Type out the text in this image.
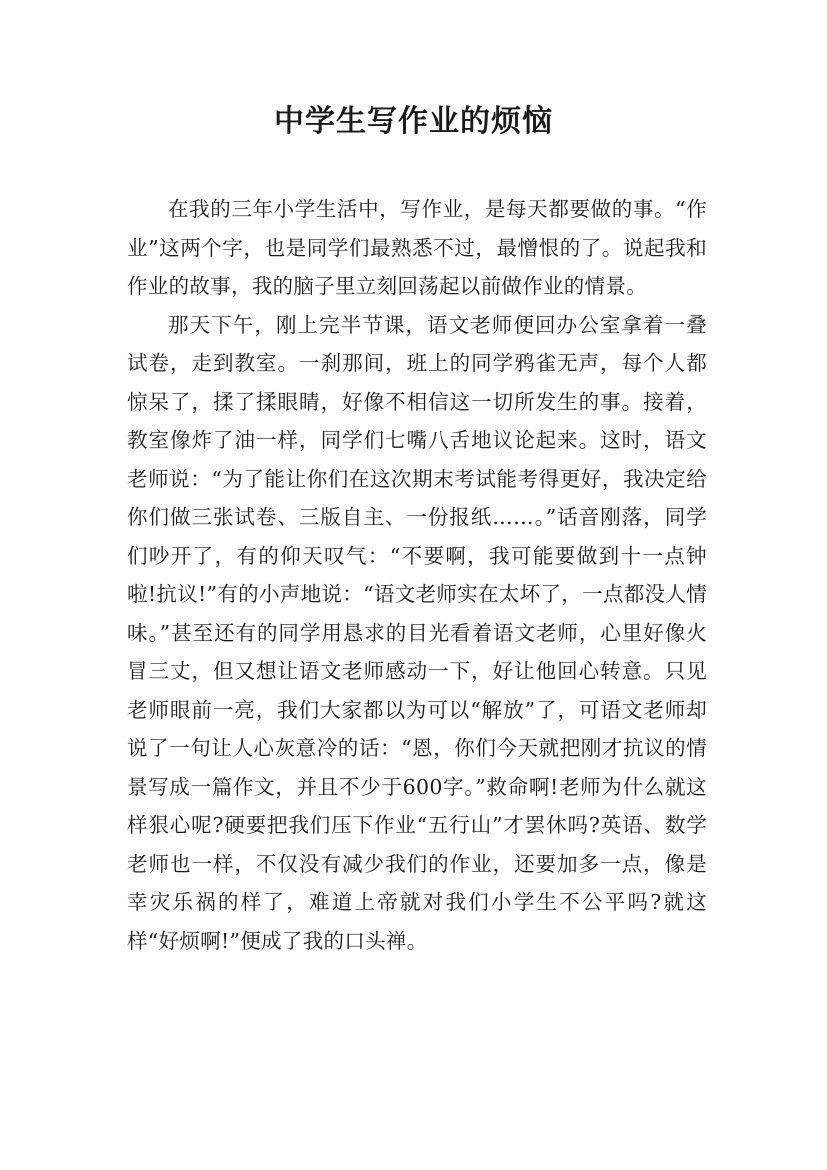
中学生写作业的烦恼

在我的三年小学生活中，写作业，是每天都要做的事。“作业”这两个字，也是同学们最熟悉不过，最憎恨的了。说起我和作业的故事，我的脑子里立刻回荡起以前做作业的情景。

那天下午，刚上完半节课，语文老师便回办公室拿着一叠试卷，走到教室。一刹那间，班上的同学鸦雀无声，每个人都惊呆了，揉了揉眼睛，好像不相信这一切所发生的事。接着，教室像炸了油一样，同学们七嘴八舌地议论起来。这时，语文老师说：“为了能让你们在这次期末考试能考得更好，我决定给你们做三张试卷、三版自主、一份报纸……。”话音刚落，同学们吵开了，有的仰天叹气：“不要啊，我可能要做到十一点钟啦!抗议!”有的小声地说：“语文老师实在太坏了，一点都没人情味。”甚至还有的同学用恳求的目光看着语文老师，心里好像火冒三丈，但又想让语文老师感动一下，好让他回心转意。只见老师眼前一亮，我们大家都以为可以“解放”了，可语文老师却说了一句让人心灰意冷的话：“恩，你们今天就把刚才抗议的情景写成一篇作文，并且不少于600字。”救命啊!老师为什么就这样狠心呢?硬要把我们压下作业“五行山”才罢休吗?英语、数学老师也一样，不仅没有减少我们的作业，还要加多一点，像是幸灾乐祸的样了，难道上帝就对我们小学生不公平吗?就这样“好烦啊!”便成了我的口头禅。
